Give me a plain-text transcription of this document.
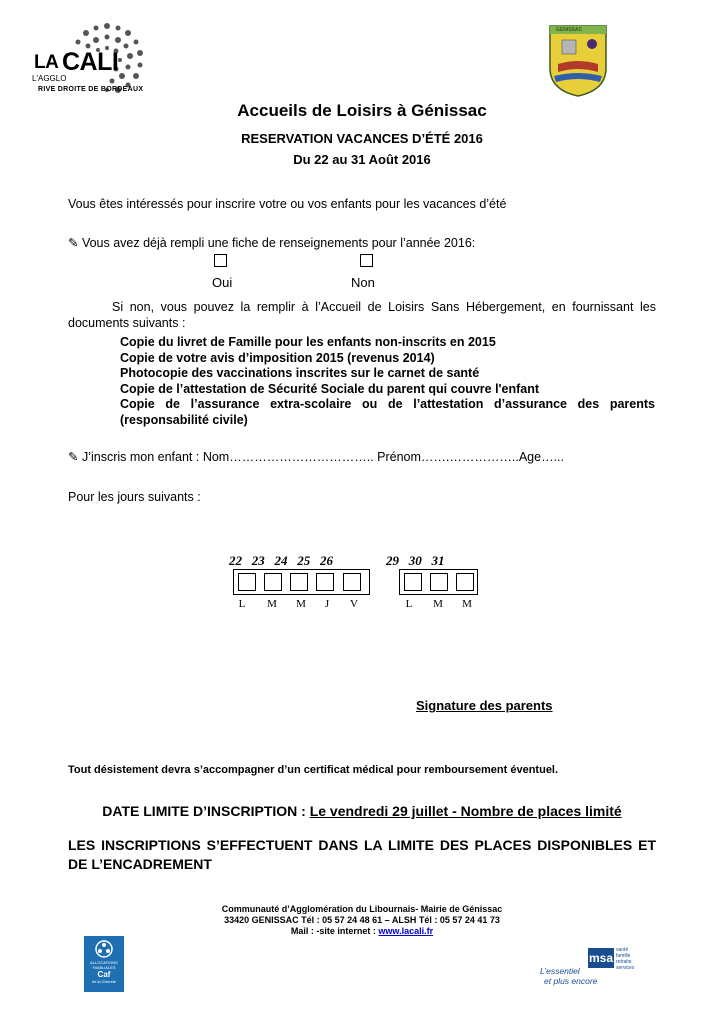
LA CALI
L'AGGLO
RIVE DROITE DE BORDEAUX
GENISSAC
Accueils de Loisirs à Génissac
RESERVATION VACANCES D’ÉTÉ 2016
Du 22 au 31 Août 2016
Vous êtes intéressés pour inscrire votre ou vos enfants pour les vacances d’été
✎ Vous avez déjà rempli une fiche de renseignements pour l’année 2016:
Oui	Non
Si non, vous pouvez la remplir à l’Accueil de Loisirs Sans Hébergement, en fournissant les documents suivants :
Copie du livret de Famille pour les enfants non-inscrits en 2015
Copie de votre avis d’imposition 2015 (revenus 2014)
Photocopie des vaccinations inscrites sur le carnet de santé
Copie de l’attestation de Sécurité Sociale du parent qui couvre l'enfant
Copie de l’assurance extra-scolaire ou de l’attestation d’assurance des parents (responsabilité civile)
✎ J’inscris mon enfant : Nom…………………………….. Prénom…….……………..Age…...
Pour les jours suivants :
22   23   24   25   26	29   30   31
L	M	M	J	V	L	M	M
Signature des parents
Tout désistement devra s’accompagner d’un certificat médical pour remboursement éventuel.
DATE LIMITE D’INSCRIPTION : Le vendredi 29 juillet - Nombre de places limité
LES INSCRIPTIONS S’EFFECTUENT DANS LA LIMITE DES PLACES DISPONIBLES ET DE L’ENCADREMENT
Communauté d’Agglomération du Libournais- Mairie de Génissac
33420 GENISSAC Tél : 05 57 24 48 61 – ALSH Tél : 05 57 24 41 73
Mail : -site internet : www.lacali.fr
ALLOCATIONS FAMILIALES
Caf
de la Gironde
msa
santé
famille
retraite
services
L’essentiel
et plus encore
